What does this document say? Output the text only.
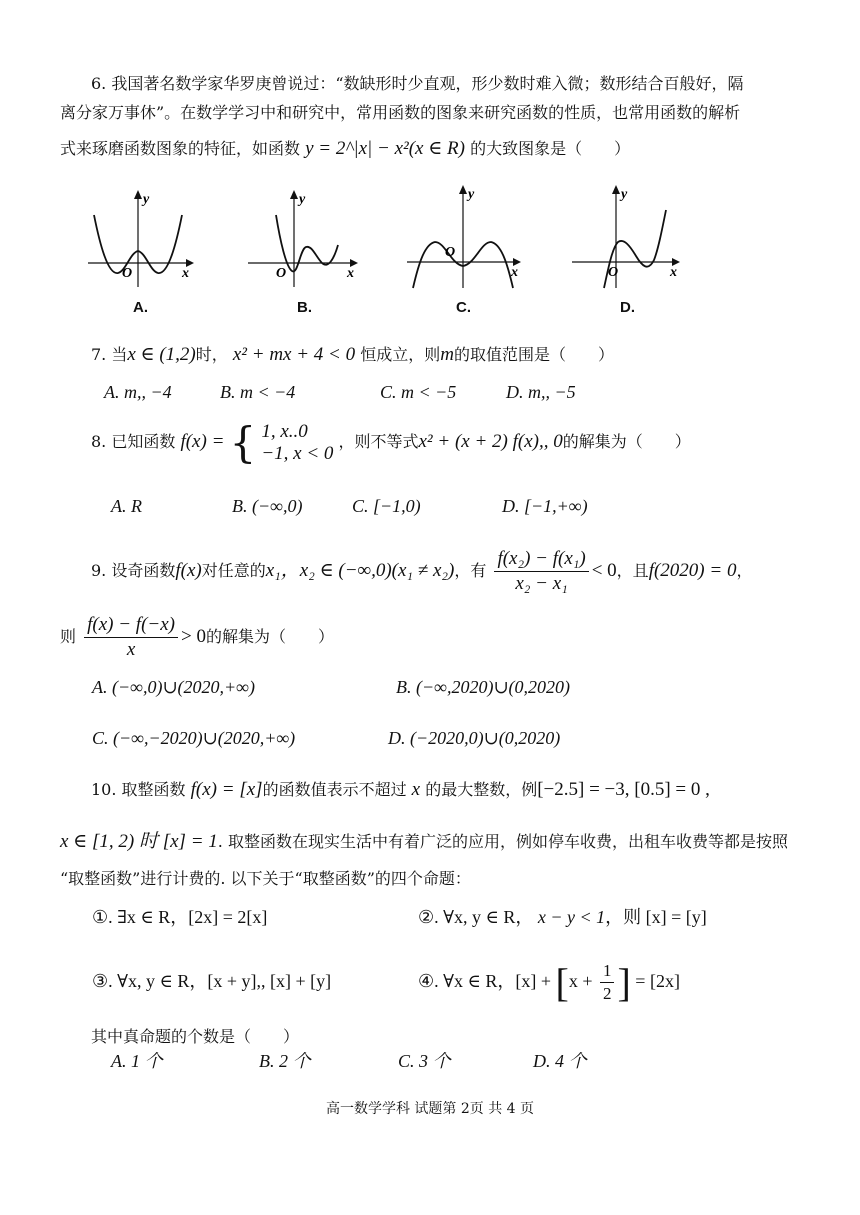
6. 我国著名数学家华罗庚曾说过：“数缺形时少直观，形少数时难入微；数形结合百般好，隔
离分家万事休”。在数学学习中和研究中，常用函数的图象来研究函数的性质，也常用函数的解析
式来琢磨函数图象的特征，如函数 y = 2^|x| − x²(x ∈ R) 的大致图象是（　　）
y
O	x
A.
y
O	x
B.
y
O
x
C.
y
O	x
D.
7. 当x ∈ (1,2)时， x² + mx + 4 < 0 恒成立，则m的取值范围是（　　）
A. m,, −4	B. m < −4	C. m < −5	D. m,, −5
8. 已知函数 f(x) = { 1, x..0
−1, x < 0
，则不等式x² + (x + 2) f(x),, 0的解集为（　　）
A. R	B. (−∞,0)	C. [−1,0)	D. [−1,+∞)
9. 设奇函数f(x)对任意的x₁，x₂ ∈ (−∞,0)(x₁ ≠ x₂)，有 $\frac{\text{f(x₂) − f(x₁)}}{\text{x₂ − x₁}} < 0$，且f(2020) = 0，
则 $\frac{f(x) - f(-x)}{x} > 0$的解集为（　　）
A. (−∞,0)∪(2020,+∞)	B. (−∞,2020)∪(0,2020)
C. (−∞,−2020)∪(2020,+∞)	D. (−2020,0)∪(0,2020)
10. 取整函数 f(x) = [x]的函数值表示不超过 x 的最大整数，例[−2.5] = −3, [0.5] = 0 ,
x ∈ [1, 2) 时 [x] = 1. 取整函数在现实生活中有着广泛的应用，例如停车收费，出租车收费等都是按照
“取整函数”进行计费的. 以下关于“取整函数”的四个命题：
①. ∃x ∈ R，[2x] = 2[x]	②. ∀x, y ∈ R， x − y < 1，则 [x] = [y]
③. ∀x, y ∈ R，[x + y],, [x] + [y]	④. ∀x ∈ R，$[x] + [x + \frac{1}{2}$ ] = [2x]
其中真命题的个数是（　　）
A. 1 个	B. 2 个	C. 3 个	D. 4 个
高一数学学科 试题第 2页 共 4 页
